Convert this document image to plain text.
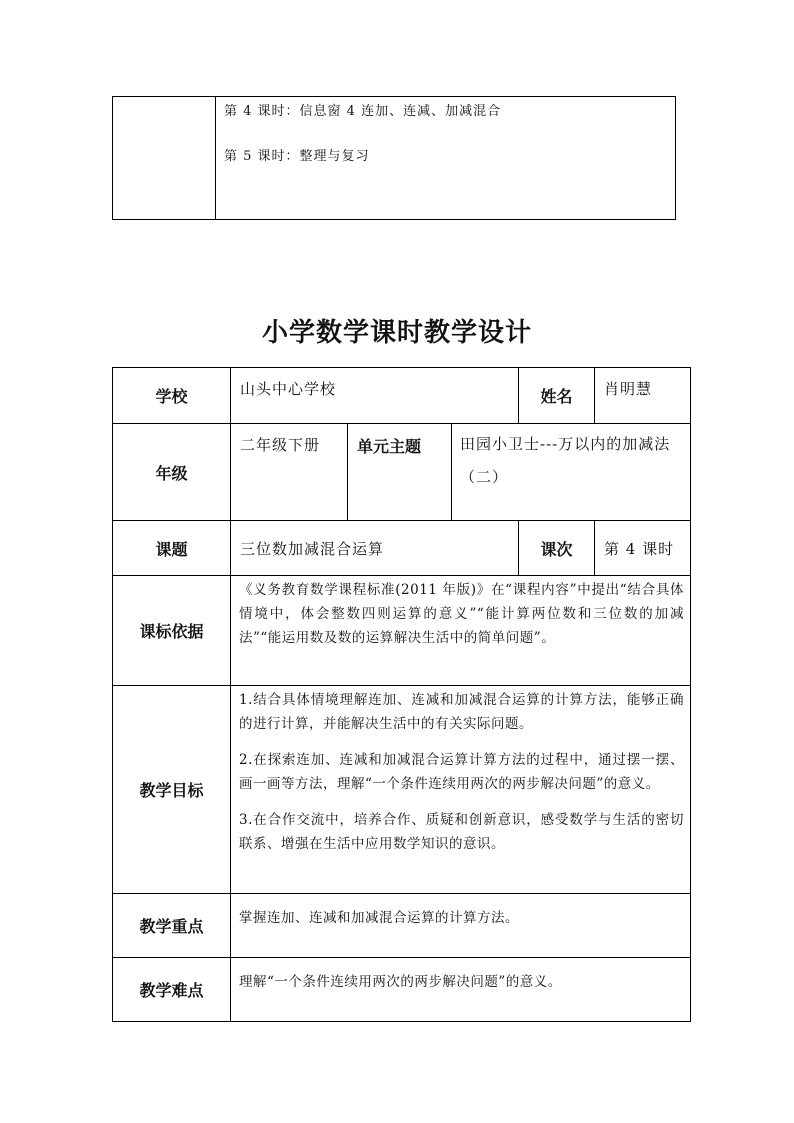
第 4 课时：信息窗 4 连加、连减、加减混合
第 5 课时：整理与复习
小学数学课时教学设计
学校	山头中心学校			姓名	肖明慧
年级	二年级下册	单元主题	田园小卫士---万以内的加减法（二）		
课题	三位数加减混合运算			课次	第 4 课时
课标依据	《义务教育数学课程标准(2011 年版)》在“课程内容”中提出“结合具体情境中，体会整数四则运算的意义”“能计算两位数和三位数的加减法”“能运用数及数的运算解决生活中的简单问题”。				
教学目标	1.结合具体情境理解连加、连减和加减混合运算的计算方法，能够正确的进行计算，并能解决生活中的有关实际问题。

2.在探索连加、连减和加减混合运算计算方法的过程中，通过摆一摆、画一画等方法，理解“一个条件连续用两次的两步解决问题”的意义。

3.在合作交流中，培养合作、质疑和创新意识，感受数学与生活的密切联系、增强在生活中应用数学知识的意识。				

教学重点	掌握连加、连减和加减混合运算的计算方法。				
教学难点	理解“一个条件连续用两次的两步解决问题”的意义。				
